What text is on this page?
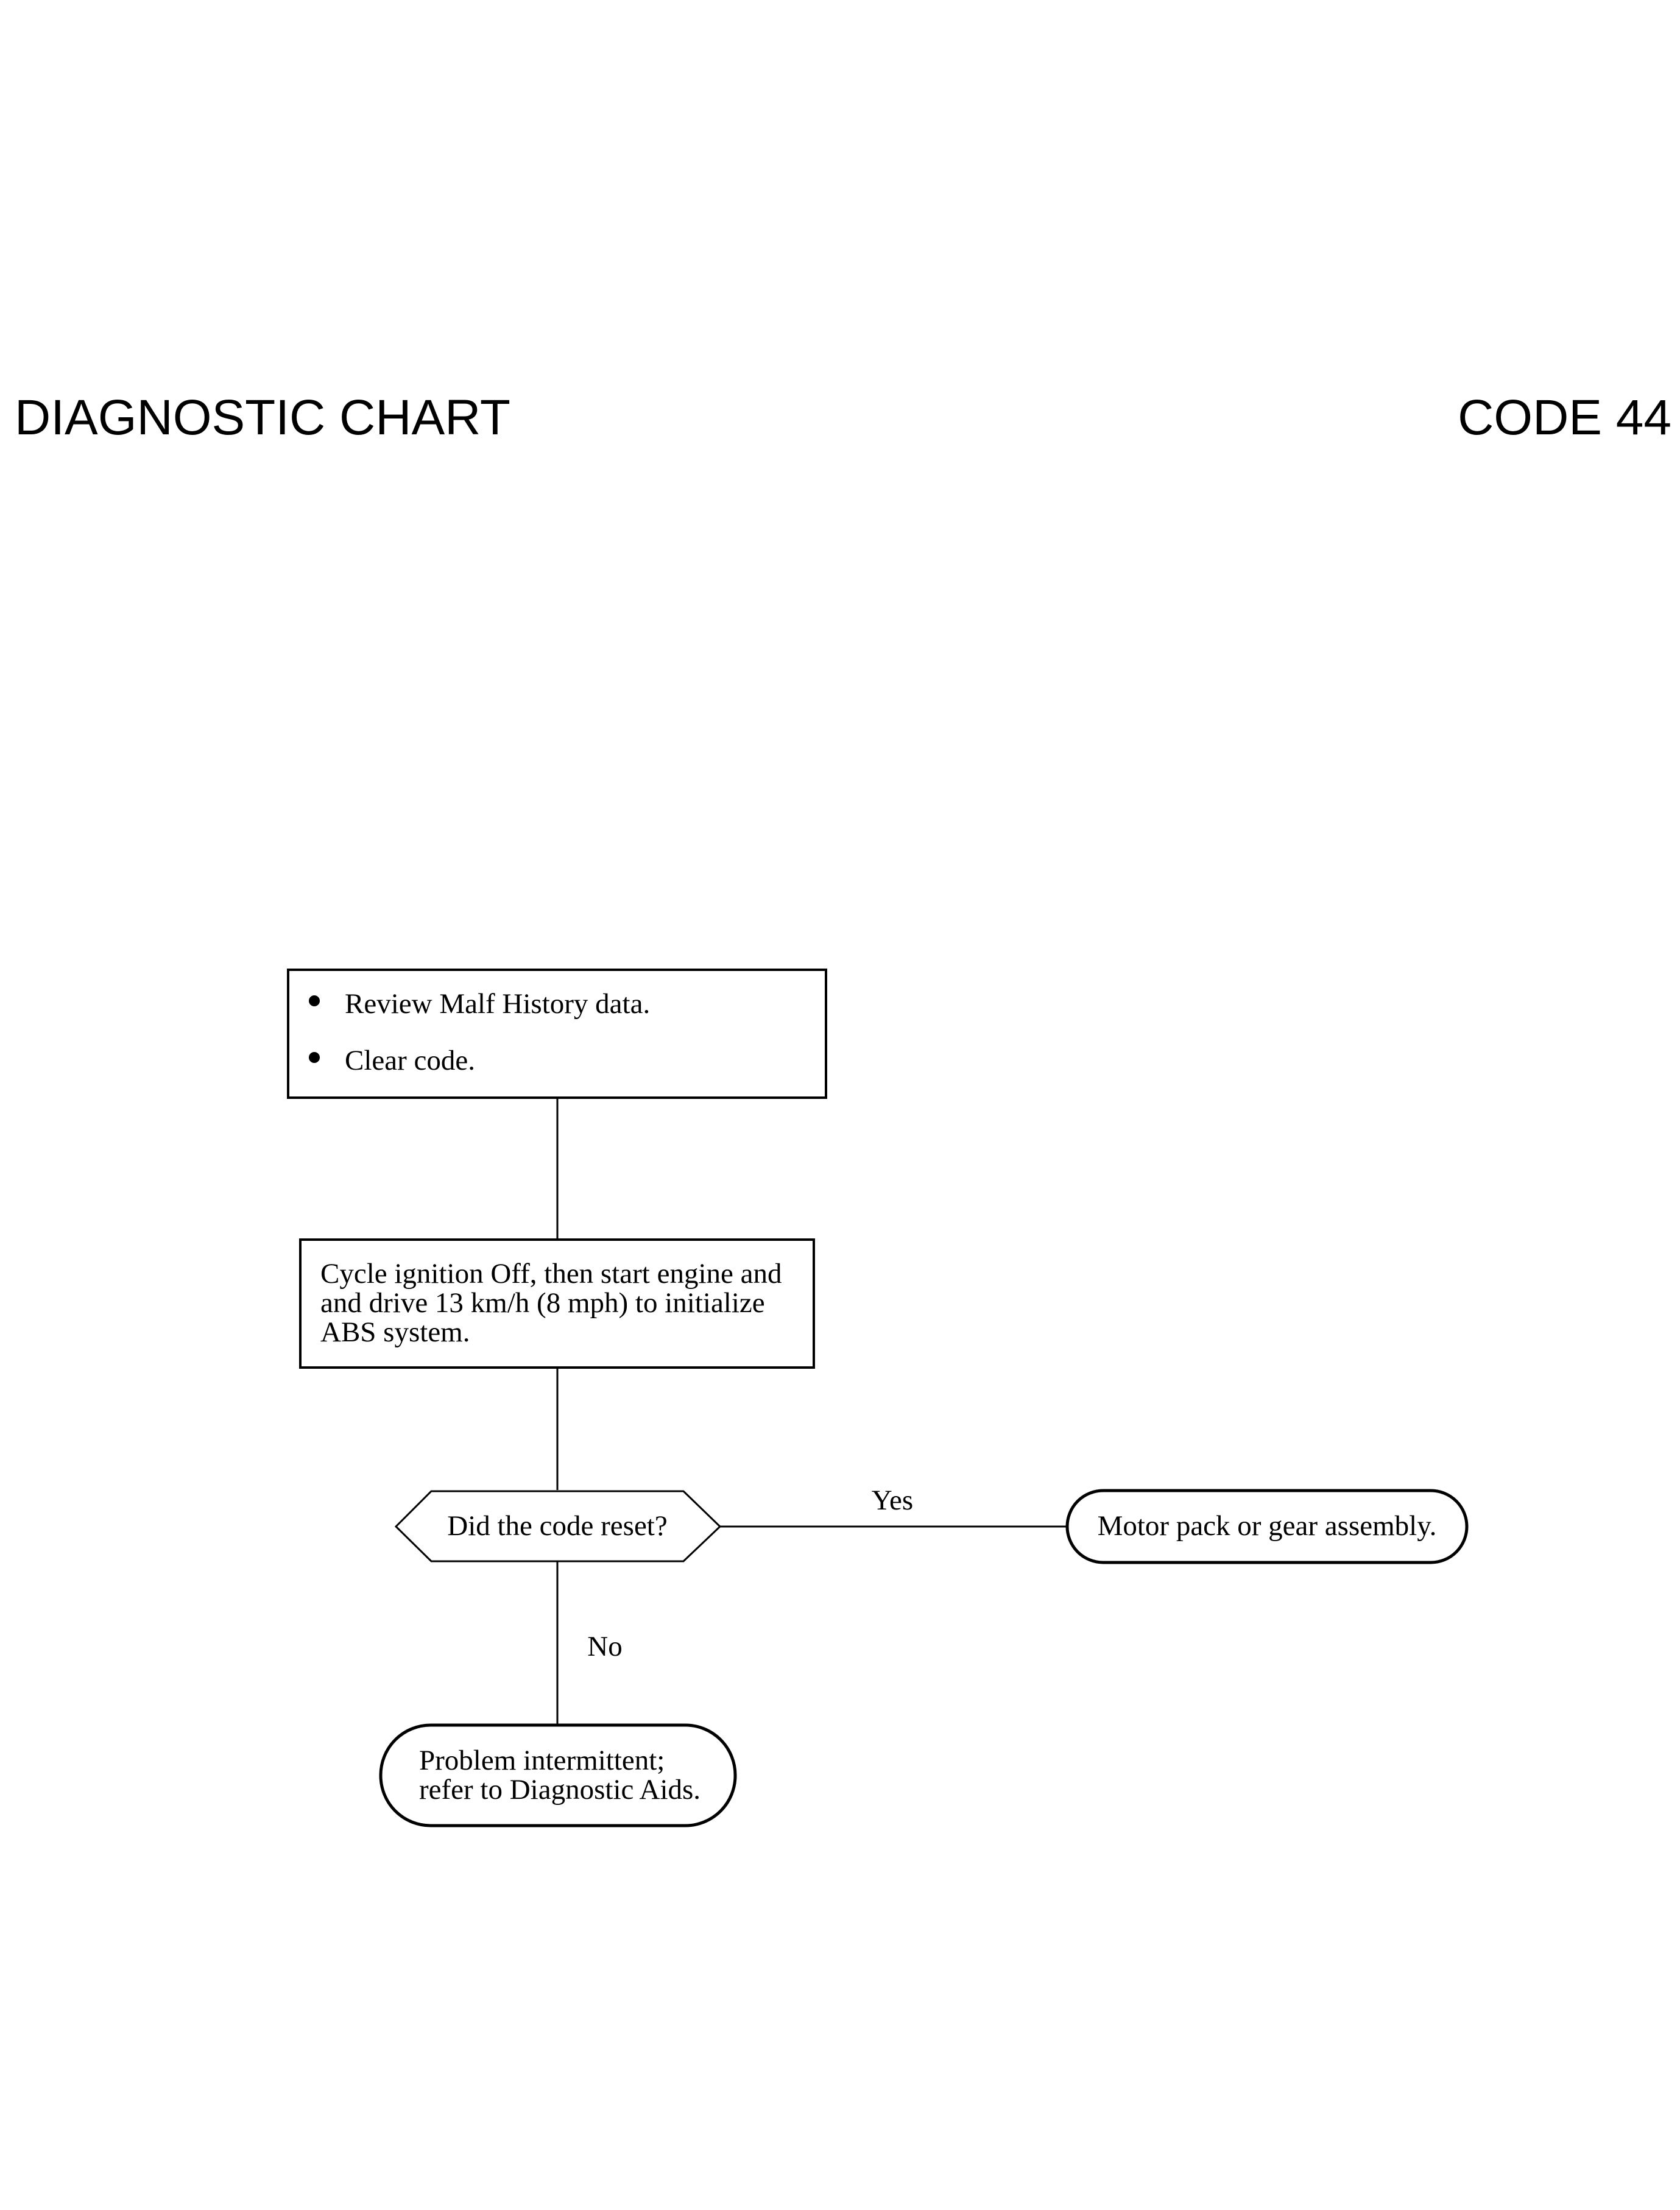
DIAGNOSTIC CHART	CODE 44
Review Malf History data.
Clear code.
Cycle ignition Off, then start engine and
and drive 13 km/h (8 mph) to initialize
ABS system.
Did the code reset?
Yes
Motor pack or gear assembly.
No
Problem intermittent;
refer to Diagnostic Aids.
